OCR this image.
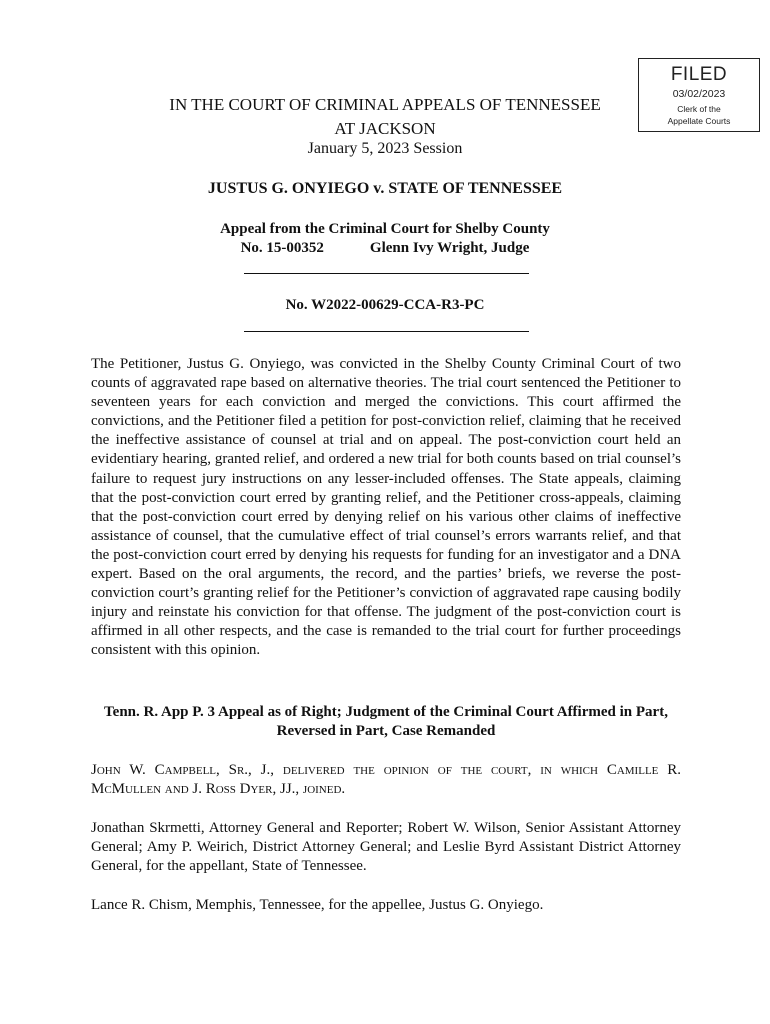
FILED
03/02/2023
Clerk of the
Appellate Courts
IN THE COURT OF CRIMINAL APPEALS OF TENNESSEE
AT JACKSON
January 5, 2023 Session
JUSTUS G. ONYIEGO v. STATE OF TENNESSEE
Appeal from the Criminal Court for Shelby County
No. 15-00352	Glenn Ivy Wright, Judge
No. W2022-00629-CCA-R3-PC
The Petitioner, Justus G. Onyiego, was convicted in the Shelby County Criminal Court of two counts of aggravated rape based on alternative theories. The trial court sentenced the Petitioner to seventeen years for each conviction and merged the convictions. This court affirmed the convictions, and the Petitioner filed a petition for post-conviction relief, claiming that he received the ineffective assistance of counsel at trial and on appeal. The post-conviction court held an evidentiary hearing, granted relief, and ordered a new trial for both counts based on trial counsel’s failure to request jury instructions on any lesser-included offenses. The State appeals, claiming that the post-conviction court erred by granting relief, and the Petitioner cross-appeals, claiming that the post-conviction court erred by denying relief on his various other claims of ineffective assistance of counsel, that the cumulative effect of trial counsel’s errors warrants relief, and that the post-conviction court erred by denying his requests for funding for an investigator and a DNA expert. Based on the oral arguments, the record, and the parties’ briefs, we reverse the post-conviction court’s granting relief for the Petitioner’s conviction of aggravated rape causing bodily injury and reinstate his conviction for that offense. The judgment of the post-conviction court is affirmed in all other respects, and the case is remanded to the trial court for further proceedings consistent with this opinion.
Tenn. R. App P. 3 Appeal as of Right; Judgment of the Criminal Court Affirmed in Part, Reversed in Part, Case Remanded
John W. Campbell, Sr., J., delivered the opinion of the court, in which Camille R. McMullen and J. Ross Dyer, JJ., joined.
Jonathan Skrmetti, Attorney General and Reporter; Robert W. Wilson, Senior Assistant Attorney General; Amy P. Weirich, District Attorney General; and Leslie Byrd Assistant District Attorney General, for the appellant, State of Tennessee.
Lance R. Chism, Memphis, Tennessee, for the appellee, Justus G. Onyiego.
